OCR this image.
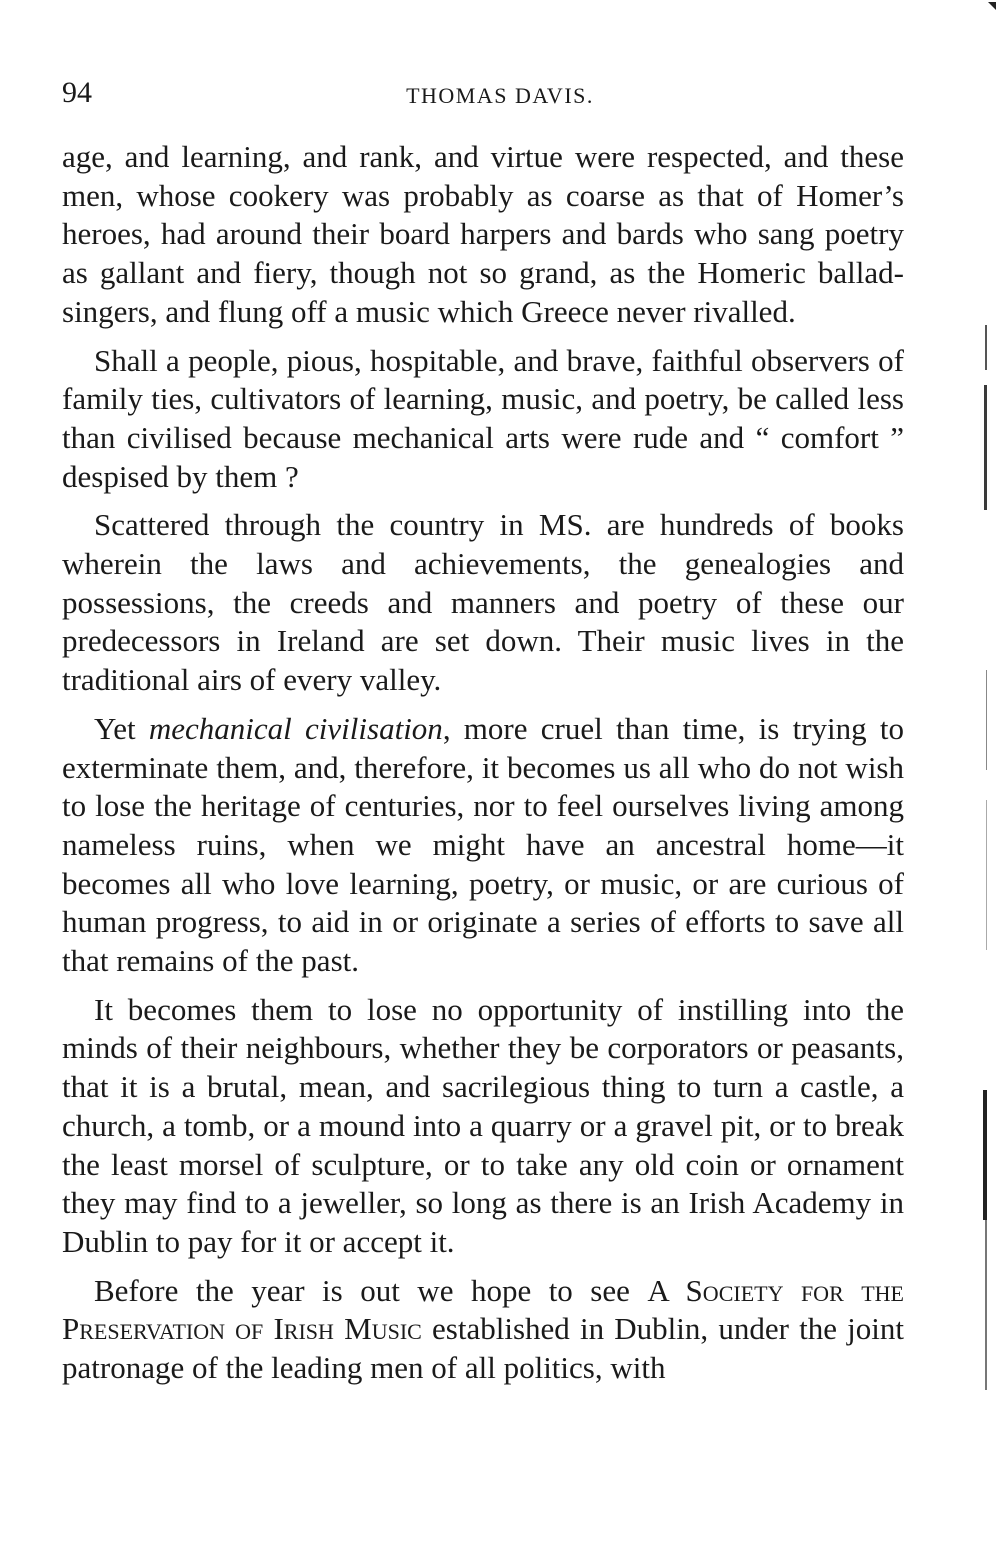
94	THOMAS DAVIS.

age, and learning, and rank, and virtue were respected, and these men, whose cookery was probably as coarse as that of Homer’s heroes, had around their board harpers and bards who sang poetry as gallant and fiery, though not so grand, as the Homeric ballad-singers, and flung off a music which Greece never rivalled.

Shall a people, pious, hospitable, and brave, faithful observers of family ties, cultivators of learning, music, and poetry, be called less than civilised because mechanical arts were rude and “ comfort ” despised by them ?

Scattered through the country in MS. are hundreds of books wherein the laws and achievements, the genealogies and possessions, the creeds and manners and poetry of these our predecessors in Ireland are set down. Their music lives in the traditional airs of every valley.

Yet mechanical civilisation, more cruel than time, is trying to exterminate them, and, therefore, it becomes us all who do not wish to lose the heritage of centuries, nor to feel ourselves living among nameless ruins, when we might have an ancestral home—it becomes all who love learning, poetry, or music, or are curious of human progress, to aid in or originate a series of efforts to save all that remains of the past.

It becomes them to lose no opportunity of instilling into the minds of their neighbours, whether they be corporators or peasants, that it is a brutal, mean, and sacrilegious thing to turn a castle, a church, a tomb, or a mound into a quarry or a gravel pit, or to break the least morsel of sculpture, or to take any old coin or ornament they may find to a jeweller, so long as there is an Irish Academy in Dublin to pay for it or accept it.

Before the year is out we hope to see A Society for the Preservation of Irish Music established in Dublin, under the joint patronage of the leading men of all politics, with
